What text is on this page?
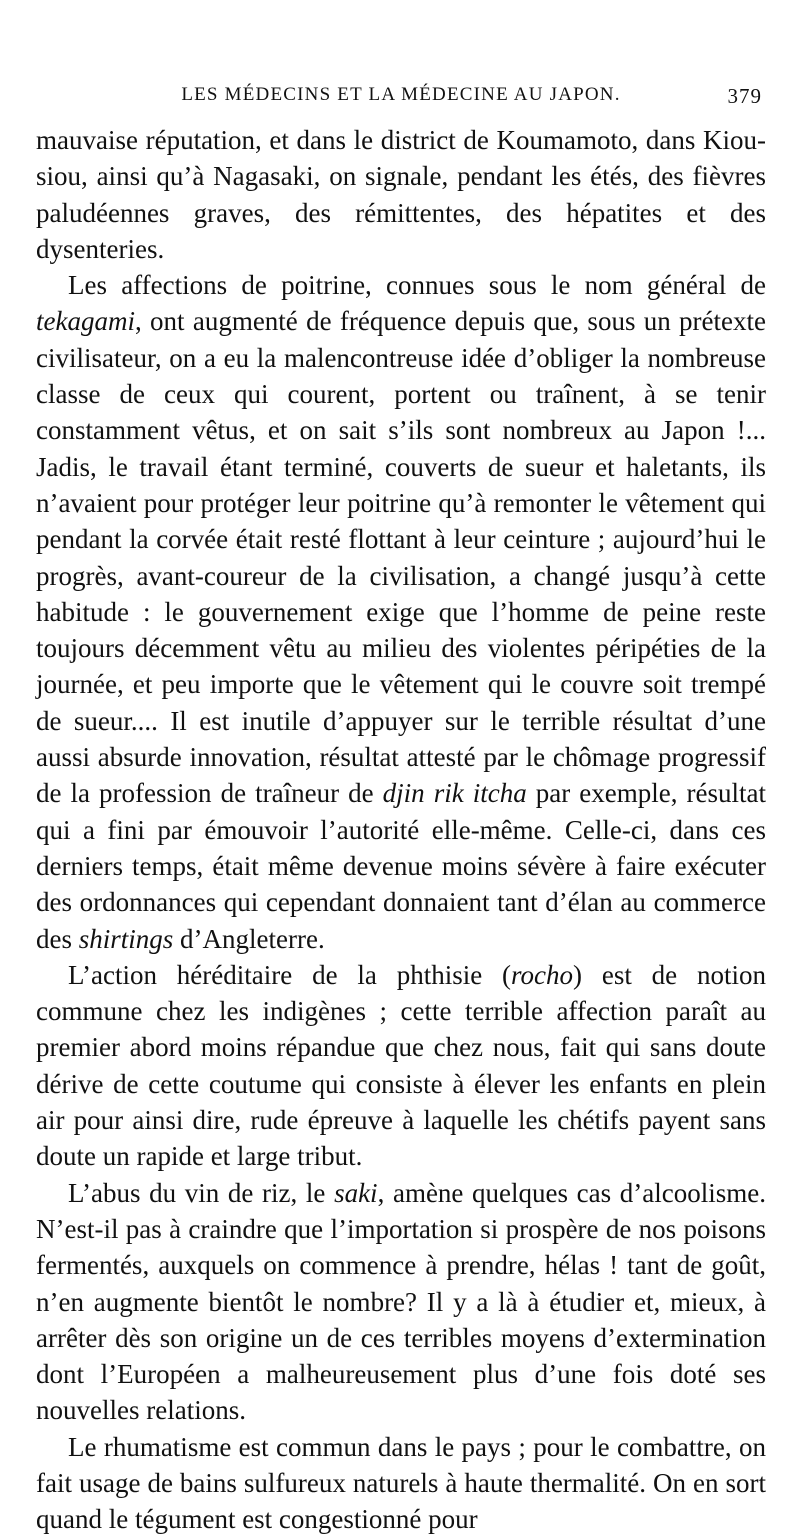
LES MÉDECINS ET LA MÉDECINE AU JAPON.	379

mauvaise réputation, et dans le district de Koumamoto, dans Kiou-siou, ainsi qu’à Nagasaki, on signale, pendant les étés, des fièvres paludéennes graves, des rémittentes, des hépatites et des dysenteries.

Les affections de poitrine, connues sous le nom général de tekagami, ont augmenté de fréquence depuis que, sous un prétexte civilisateur, on a eu la malencontreuse idée d’obliger la nombreuse classe de ceux qui courent, portent ou traînent, à se tenir constamment vêtus, et on sait s’ils sont nombreux au Japon !... Jadis, le travail étant terminé, couverts de sueur et haletants, ils n’avaient pour protéger leur poitrine qu’à remonter le vêtement qui pendant la corvée était resté flottant à leur ceinture ; aujourd’hui le progrès, avant-coureur de la civilisation, a changé jusqu’à cette habitude : le gouvernement exige que l’homme de peine reste toujours décemment vêtu au milieu des violentes péripéties de la journée, et peu importe que le vêtement qui le couvre soit trempé de sueur.... Il est inutile d’appuyer sur le terrible résultat d’une aussi absurde innovation, résultat attesté par le chômage progressif de la profession de traîneur de djin rik itcha par exemple, résultat qui a fini par émouvoir l’autorité elle-même. Celle-ci, dans ces derniers temps, était même devenue moins sévère à faire exécuter des ordonnances qui cependant donnaient tant d’élan au commerce des shirtings d’Angleterre.

L’action héréditaire de la phthisie (rocho) est de notion commune chez les indigènes ; cette terrible affection paraît au premier abord moins répandue que chez nous, fait qui sans doute dérive de cette coutume qui consiste à élever les enfants en plein air pour ainsi dire, rude épreuve à laquelle les chétifs payent sans doute un rapide et large tribut.

L’abus du vin de riz, le saki, amène quelques cas d’alcoolisme. N’est-il pas à craindre que l’importation si prospère de nos poisons fermentés, auxquels on commence à prendre, hélas ! tant de goût, n’en augmente bientôt le nombre? Il y a là à étudier et, mieux, à arrêter dès son origine un de ces terribles moyens d’extermination dont l’Européen a malheureusement plus d’une fois doté ses nouvelles relations.

Le rhumatisme est commun dans le pays ; pour le combattre, on fait usage de bains sulfureux naturels à haute thermalité. On en sort quand le tégument est congestionné pour
